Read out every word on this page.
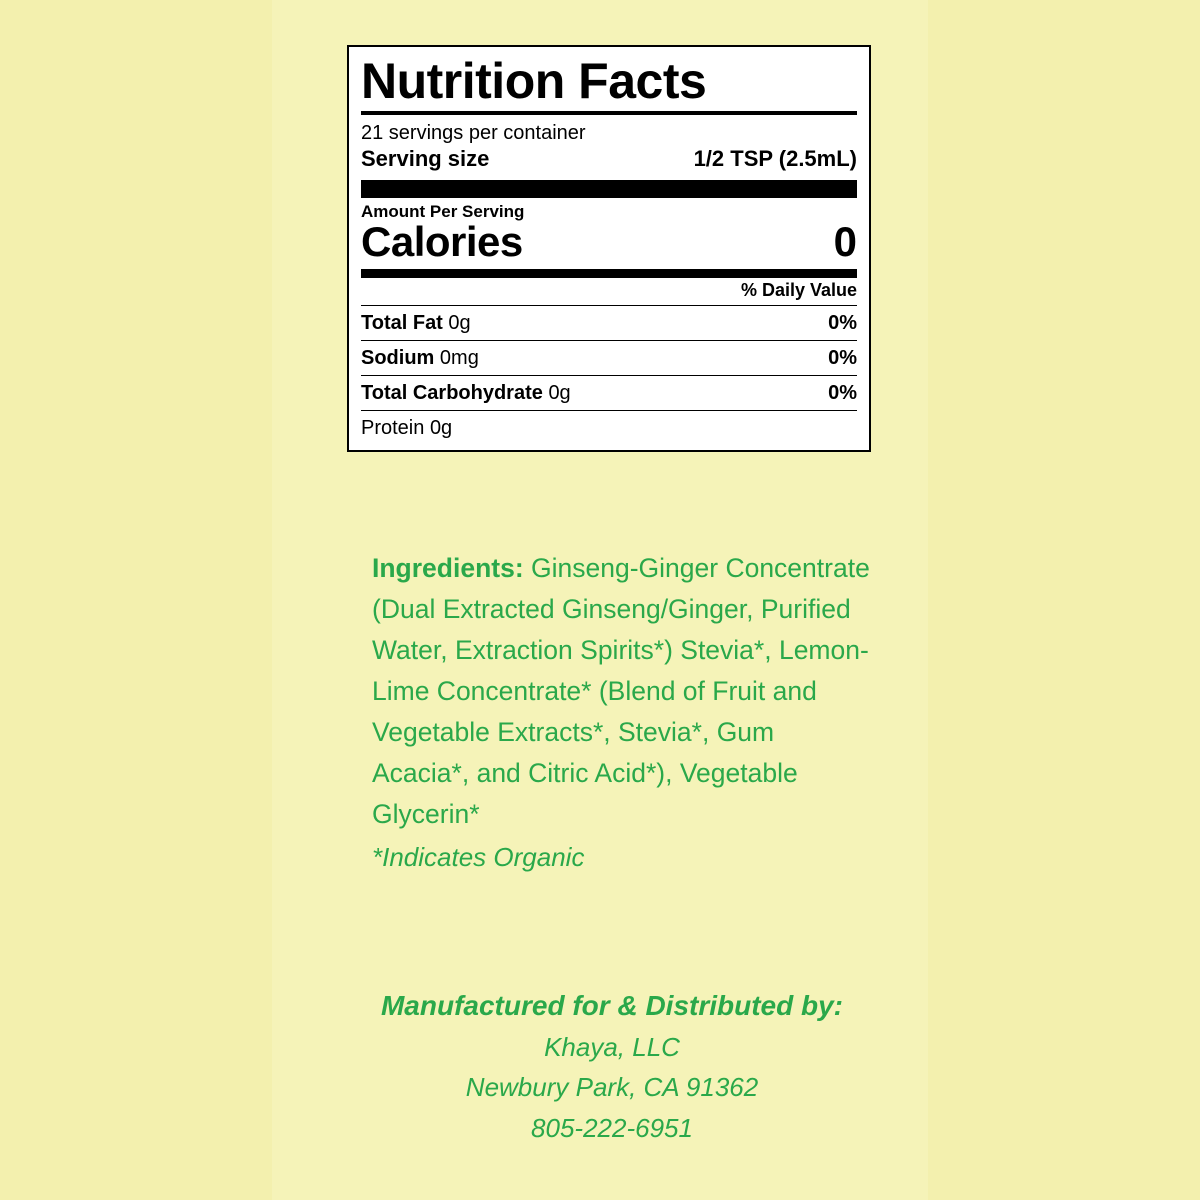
Nutrition Facts
21 servings per container
Serving size	1/2 TSP (2.5mL)
Amount Per Serving
Calories	0
% Daily Value
Total Fat 0g	0%
Sodium 0mg	0%
Total Carbohydrate 0g	0%
Protein 0g

Ingredients: Ginseng-Ginger Concentrate (Dual Extracted Ginseng/Ginger, Purified Water, Extraction Spirits*) Stevia*, Lemon-Lime Concentrate* (Blend of Fruit and Vegetable Extracts*, Stevia*, Gum Acacia*, and Citric Acid*), Vegetable Glycerin*

*Indicates Organic
Manufactured for & Distributed by:
Khaya, LLC
Newbury Park, CA 91362
805-222-6951
